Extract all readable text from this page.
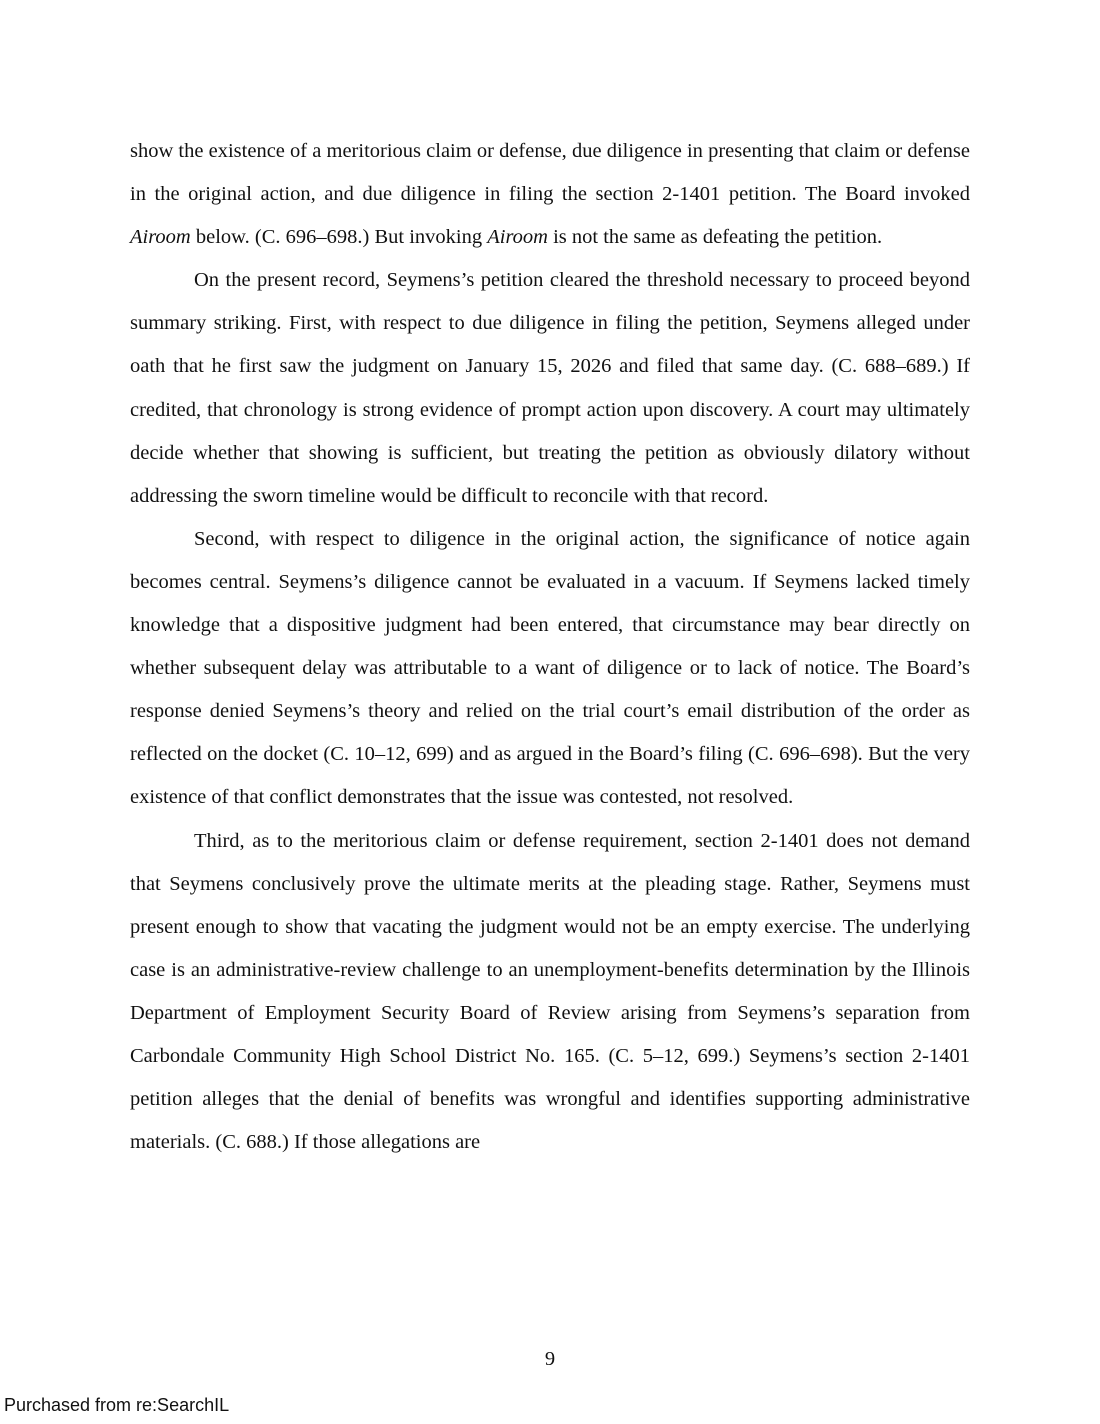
show the existence of a meritorious claim or defense, due diligence in presenting that claim or defense in the original action, and due diligence in filing the section 2-1401 petition. The Board invoked Airoom below. (C. 696–698.) But invoking Airoom is not the same as defeating the petition.

On the present record, Seymens’s petition cleared the threshold necessary to proceed beyond summary striking. First, with respect to due diligence in filing the petition, Seymens alleged under oath that he first saw the judgment on January 15, 2026 and filed that same day. (C. 688–689.) If credited, that chronology is strong evidence of prompt action upon discovery. A court may ultimately decide whether that showing is sufficient, but treating the petition as obviously dilatory without addressing the sworn timeline would be difficult to reconcile with that record.

Second, with respect to diligence in the original action, the significance of notice again becomes central. Seymens’s diligence cannot be evaluated in a vacuum. If Seymens lacked timely knowledge that a dispositive judgment had been entered, that circumstance may bear directly on whether subsequent delay was attributable to a want of diligence or to lack of notice. The Board’s response denied Seymens’s theory and relied on the trial court’s email distribution of the order as reflected on the docket (C. 10–12, 699) and as argued in the Board’s filing (C. 696–698). But the very existence of that conflict demonstrates that the issue was contested, not resolved.

Third, as to the meritorious claim or defense requirement, section 2-1401 does not demand that Seymens conclusively prove the ultimate merits at the pleading stage. Rather, Seymens must present enough to show that vacating the judgment would not be an empty exercise. The underlying case is an administrative-review challenge to an unemployment-benefits determination by the Illinois Department of Employment Security Board of Review arising from Seymens’s separation from Carbondale Community High School District No. 165. (C. 5–12, 699.) Seymens’s section 2-1401 petition alleges that the denial of benefits was wrongful and identifies supporting administrative materials. (C. 688.) If those allegations are

9
Purchased from re:SearchIL
